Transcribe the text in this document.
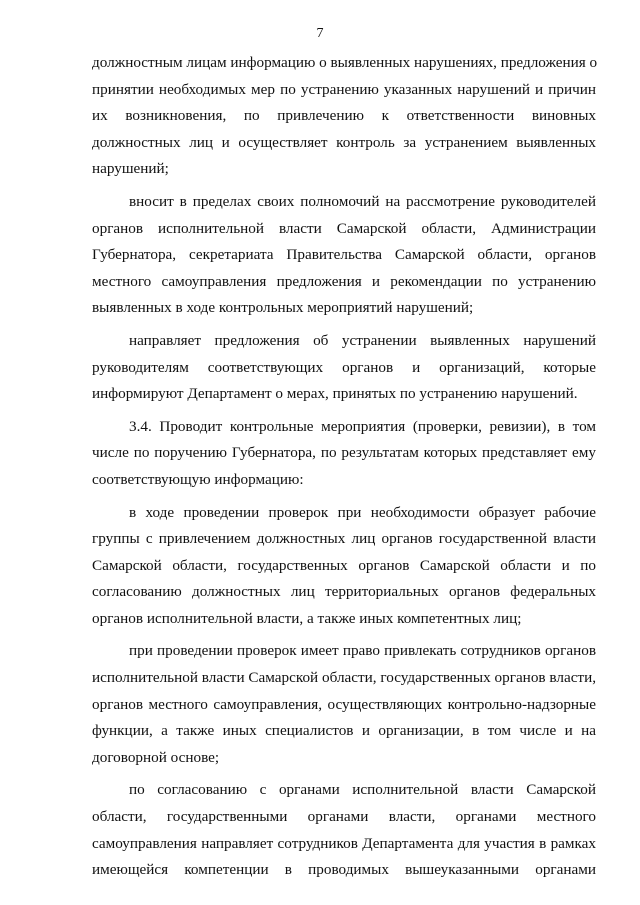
7
должностным лицам информацию о выявленных нарушениях, предложения о
принятии необходимых мер по устранению указанных нарушений и причин
их возникновения, по привлечению к ответственности виновных
должностных лиц и осуществляет контроль за устранением выявленных
нарушений;
вносит в пределах своих полномочий на рассмотрение руководителей
органов исполнительной власти Самарской области, Администрации
Губернатора, секретариата Правительства Самарской области, органов
местного самоуправления предложения и рекомендации по устранению
выявленных в ходе контрольных мероприятий нарушений;
направляет предложения об устранении выявленных нарушений
руководителям соответствующих органов и организаций, которые
информируют Департамент о мерах, принятых по устранению нарушений.
3.4. Проводит контрольные мероприятия (проверки, ревизии), в том
числе по поручению Губернатора, по результатам которых представляет ему
соответствующую информацию:
в ходе проведении проверок при необходимости образует рабочие
группы с привлечением должностных лиц органов государственной власти
Самарской области, государственных органов Самарской области и по
согласованию должностных лиц территориальных органов федеральных
органов исполнительной власти, а также иных компетентных лиц;
при проведении проверок имеет право привлекать сотрудников органов
исполнительной власти Самарской области, государственных органов власти,
органов местного самоуправления, осуществляющих контрольно-надзорные
функции, а также иных специалистов и организации, в том числе и на
договорной основе;
по согласованию с органами исполнительной власти Самарской
области, государственными органами власти, органами местного
самоуправления направляет сотрудников Департамента для участия в рамках
имеющейся компетенции в проводимых вышеуказанными органами
